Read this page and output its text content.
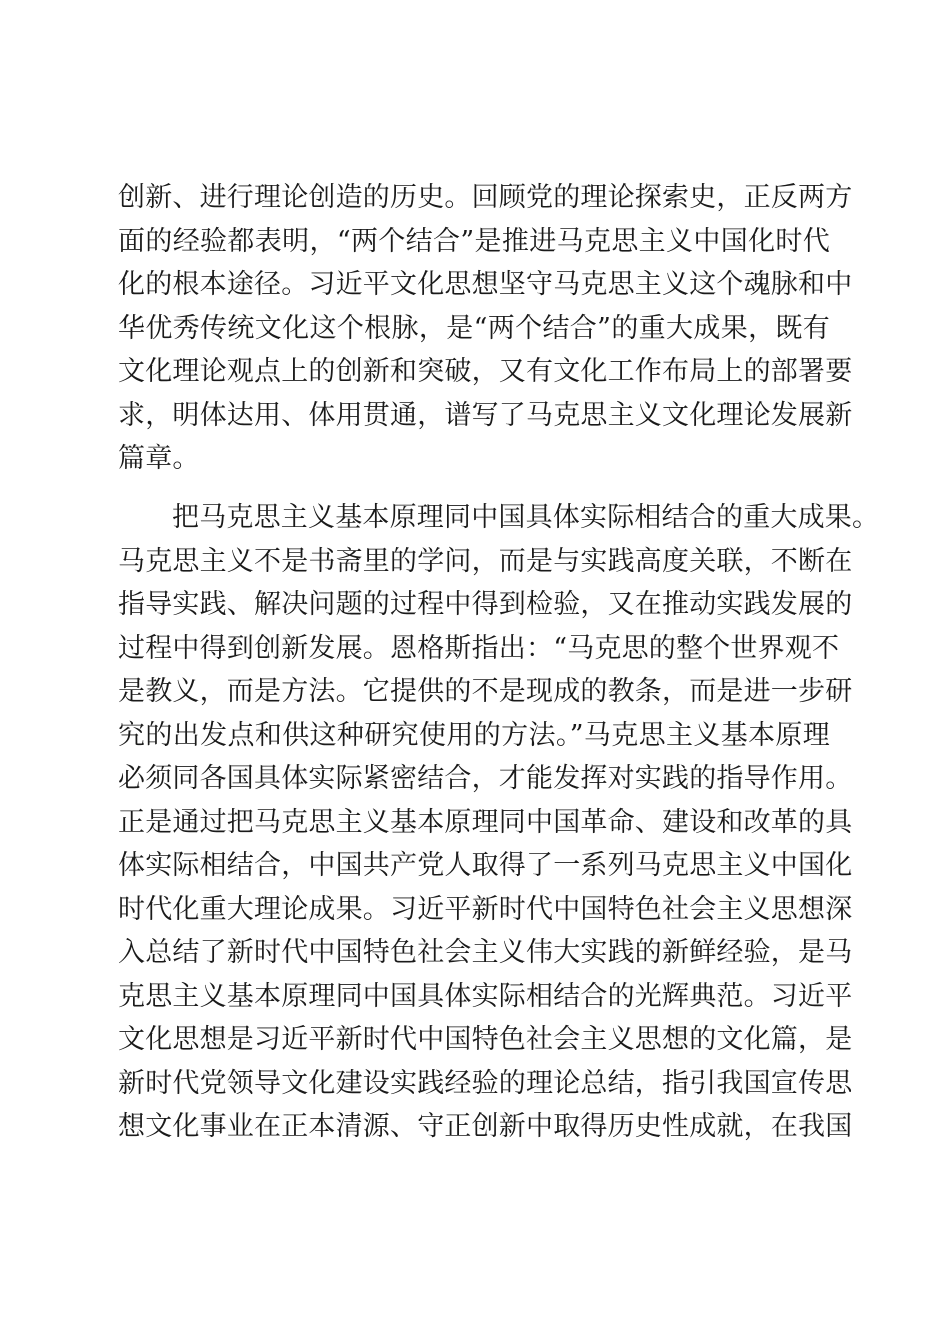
创新、进行理论创造的历史。回顾党的理论探索史，正反两方
面的经验都表明，“两个结合”是推进马克思主义中国化时代
化的根本途径。习近平文化思想坚守马克思主义这个魂脉和中
华优秀传统文化这个根脉，是“两个结合”的重大成果，既有
文化理论观点上的创新和突破，又有文化工作布局上的部署要
求，明体达用、体用贯通，谱写了马克思主义文化理论发展新
篇章。
把马克思主义基本原理同中国具体实际相结合的重大成果。
马克思主义不是书斋里的学问，而是与实践高度关联，不断在
指导实践、解决问题的过程中得到检验，又在推动实践发展的
过程中得到创新发展。恩格斯指出：“马克思的整个世界观不
是教义，而是方法。它提供的不是现成的教条，而是进一步研
究的出发点和供这种研究使用的方法。”马克思主义基本原理
必须同各国具体实际紧密结合，才能发挥对实践的指导作用。
正是通过把马克思主义基本原理同中国革命、建设和改革的具
体实际相结合，中国共产党人取得了一系列马克思主义中国化
时代化重大理论成果。习近平新时代中国特色社会主义思想深
入总结了新时代中国特色社会主义伟大实践的新鲜经验，是马
克思主义基本原理同中国具体实际相结合的光辉典范。习近平
文化思想是习近平新时代中国特色社会主义思想的文化篇，是
新时代党领导文化建设实践经验的理论总结，指引我国宣传思
想文化事业在正本清源、守正创新中取得历史性成就，在我国
